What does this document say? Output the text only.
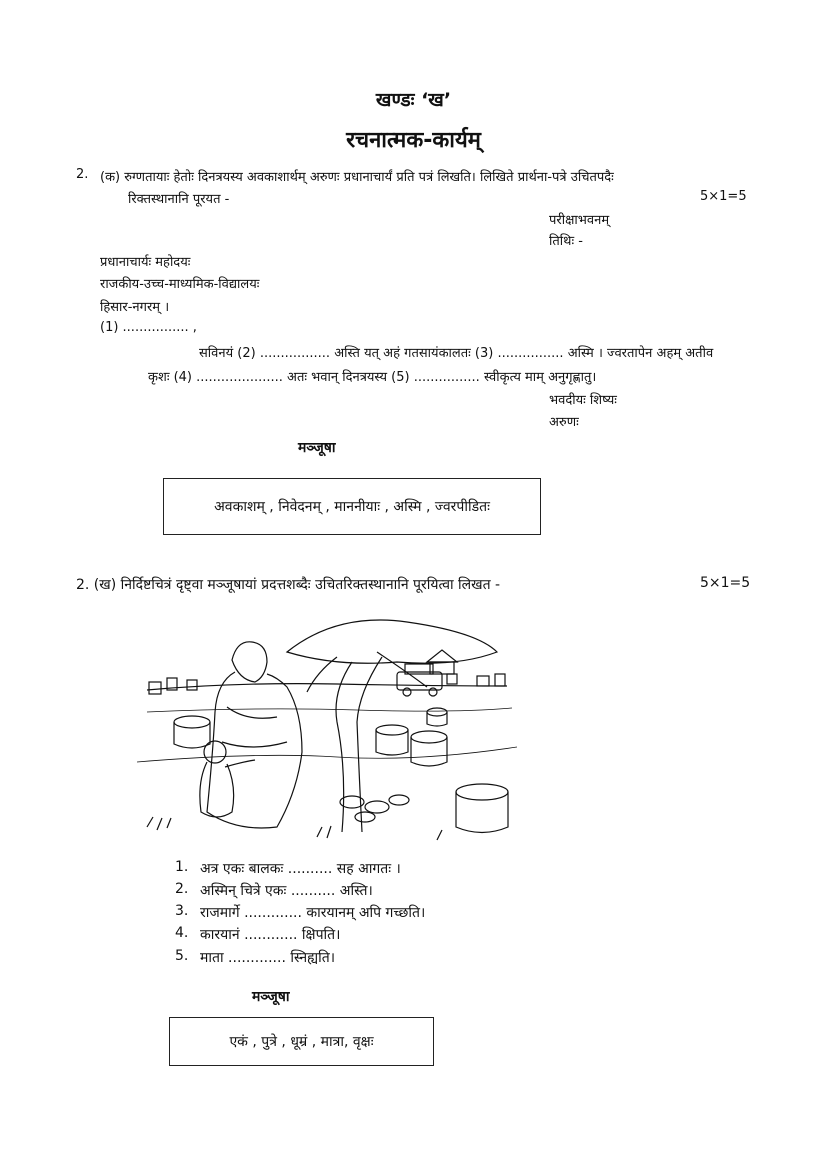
खण्डः ‘ख’
रचनात्मक-कार्यम्
2. (क) रुग्णतायाः हेतोः दिनत्रयस्य अवकाशार्थम् अरुणः प्रधानाचार्यं प्रति पत्रं लिखति। लिखिते प्रार्थना-पत्रे उचितपदैः
रिक्तस्थानानि पूरयत -	5×1=5
परीक्षाभवनम्
तिथिः -
प्रधानाचार्यः महोदयः
राजकीय-उच्च-माध्यमिक-विद्यालयः
हिसार-नगरम् ।
(1) ................ ,
सविनयं (2) ................. अस्ति यत् अहं गतसायंकालतः (3) ................ अस्मि । ज्वरतापेन अहम् अतीव
कृशः (4) ..................... अतः भवान् दिनत्रयस्य (5) ................ स्वीकृत्य माम् अनुगृह्णातु।
भवदीयः शिष्यः
अरुणः
मञ्जूषा
अवकाशम् , निवेदनम् , माननीयाः , अस्मि , ज्वरपीडितः
2. (ख) निर्दिष्टचित्रं दृष्ट्वा मञ्जूषायां प्रदत्तशब्दैः उचितरिक्तस्थानानि पूरयित्वा लिखत -	5×1=5
1. अत्र एकः बालकः .......... सह आगतः ।
2. अस्मिन् चित्रे एकः .......... अस्ति।
3. राजमार्गे ............. कारयानम् अपि गच्छति।
4. कारयानं ............ क्षिपति।
5. माता ............. स्निह्यति।
मञ्जूषा
एकं , पुत्रे , धूम्रं , मात्रा, वृक्षः
